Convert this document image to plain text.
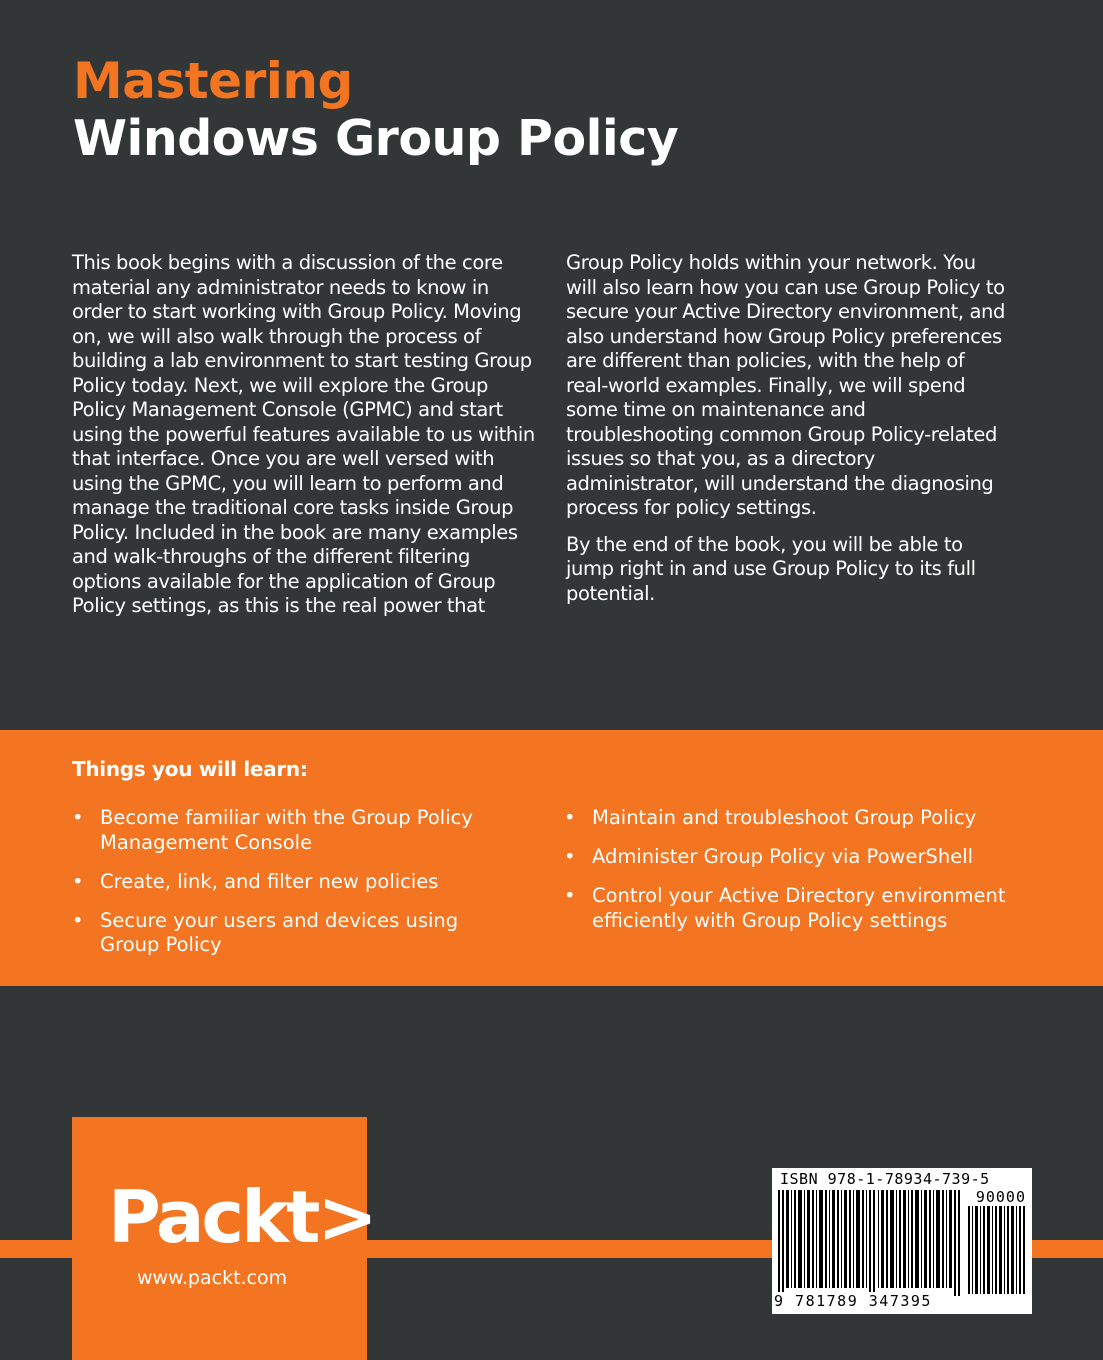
Mastering
Windows Group Policy

This book begins with a discussion of the core material any administrator needs to know in order to start working with Group Policy. Moving on, we will also walk through the process of building a lab environment to start testing Group Policy today. Next, we will explore the Group Policy Management Console (GPMC) and start using the powerful features available to us within that interface. Once you are well versed with using the GPMC, you will learn to perform and manage the traditional core tasks inside Group Policy. Included in the book are many examples and walk-throughs of the different filtering options available for the application of Group Policy settings, as this is the real power that

Group Policy holds within your network. You will also learn how you can use Group Policy to secure your Active Directory environment, and also understand how Group Policy preferences are different than policies, with the help of real-world examples. Finally, we will spend some time on maintenance and troubleshooting common Group Policy-related issues so that you, as a directory administrator, will understand the diagnosing process for policy settings.

By the end of the book, you will be able to jump right in and use Group Policy to its full potential.

Things you will learn:
• Become familiar with the Group Policy Management Console
• Create, link, and filter new policies
• Secure your users and devices using Group Policy
• Maintain and troubleshoot Group Policy
• Administer Group Policy via PowerShell
• Control your Active Directory environment efficiently with Group Policy settings
Packt>
www.packt.com
ISBN 978-1-78934-739-5
90000
9 781789 347395
